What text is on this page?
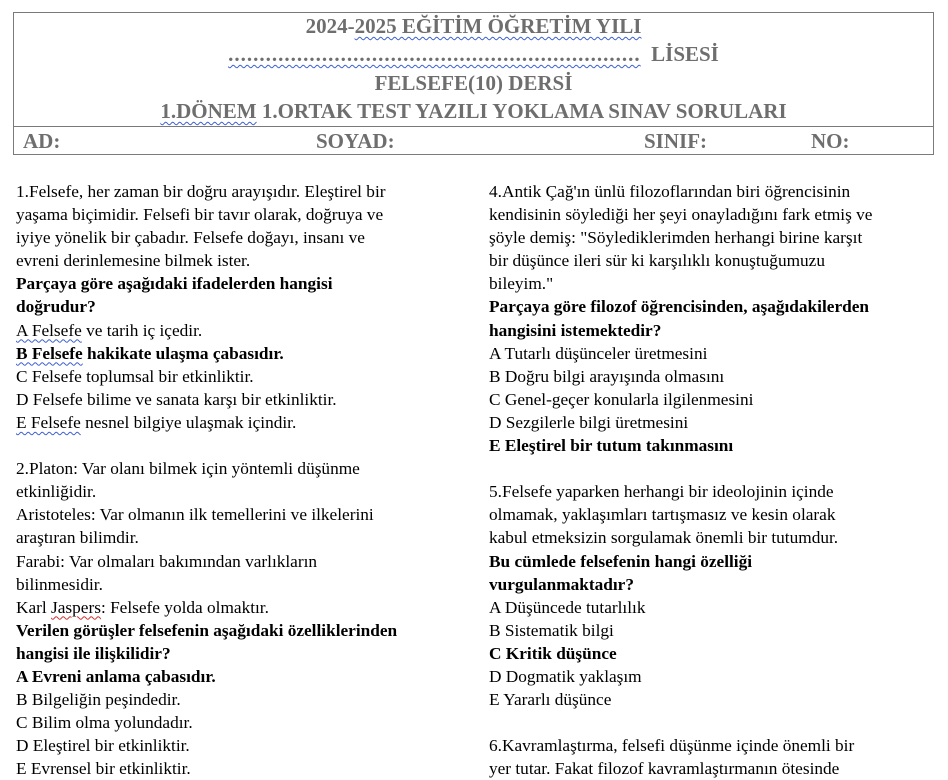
2024-2025 EĞİTİM ÖĞRETİM YILI
.................................................................. LİSESİ
FELSEFE(10) DERSİ
1.DÖNEM 1.ORTAK TEST YAZILI YOKLAMA SINAV SORULARI
AD:	SOYAD:	SINIF:	NO:
1.Felsefe, her zaman bir doğru arayışıdır. Eleştirel bir
yaşama biçimidir. Felsefi bir tavır olarak, doğruya ve
iyiye yönelik bir çabadır. Felsefe doğayı, insanı ve
evreni derinlemesine bilmek ister.
Parçaya göre aşağıdaki ifadelerden hangisi
doğrudur?
A Felsefe ve tarih iç içedir.
B Felsefe hakikate ulaşma çabasıdır.
C Felsefe toplumsal bir etkinliktir.
D Felsefe bilime ve sanata karşı bir etkinliktir.
E Felsefe nesnel bilgiye ulaşmak içindir.
2.Platon: Var olanı bilmek için yöntemli düşünme
etkinliğidir.
Aristoteles: Var olmanın ilk temellerini ve ilkelerini
araştıran bilimdir.
Farabi: Var olmaları bakımından varlıkların
bilinmesidir.
Karl Jaspers: Felsefe yolda olmaktır.
Verilen görüşler felsefenin aşağıdaki özelliklerinden
hangisi ile ilişkilidir?
A Evreni anlama çabasıdır.
B Bilgeliğin peşindedir.
C Bilim olma yolundadır.
D Eleştirel bir etkinliktir.
E Evrensel bir etkinliktir.
4.Antik Çağ'ın ünlü filozoflarından biri öğrencisinin
kendisinin söylediği her şeyi onayladığını fark etmiş ve
şöyle demiş: "Söylediklerimden herhangi birine karşıt
bir düşünce ileri sür ki karşılıklı konuştuğumuzu
bileyim."
Parçaya göre filozof öğrencisinden, aşağıdakilerden
hangisini istemektedir?
A Tutarlı düşünceler üretmesini
B Doğru bilgi arayışında olmasını
C Genel-geçer konularla ilgilenmesini
D Sezgilerle bilgi üretmesini
E Eleştirel bir tutum takınmasını
5.Felsefe yaparken herhangi bir ideolojinin içinde
olmamak, yaklaşımları tartışmasız ve kesin olarak
kabul etmeksizin sorgulamak önemli bir tutumdur.
Bu cümlede felsefenin hangi özelliği
vurgulanmaktadır?
A Düşüncede tutarlılık
B Sistematik bilgi
C Kritik düşünce
D Dogmatik yaklaşım
E Yararlı düşünce
6.Kavramlaştırma, felsefi düşünme içinde önemli bir
yer tutar. Fakat filozof kavramlaştırmanın ötesinde
